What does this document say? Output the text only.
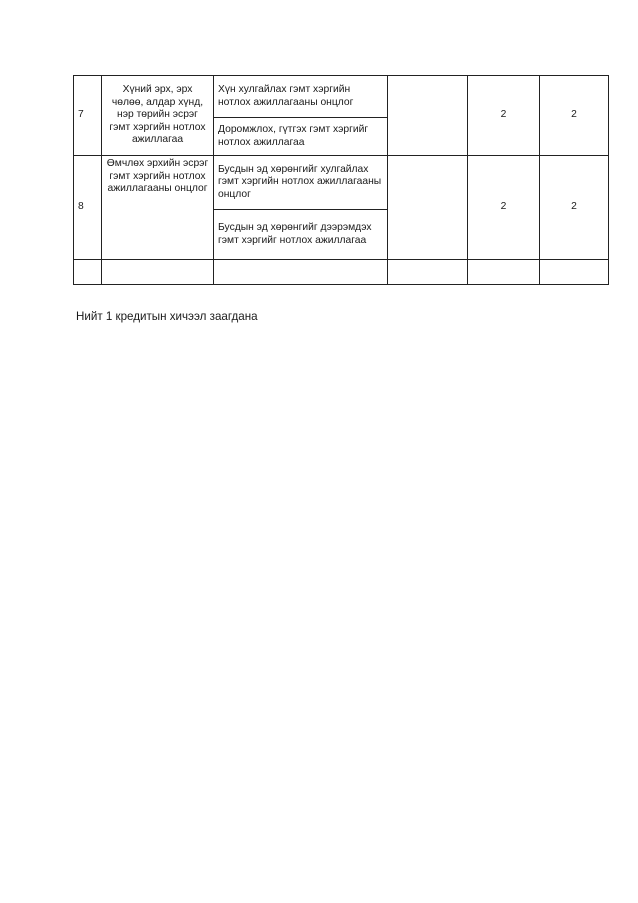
7	Хүний эрх, эрх чөлөө, алдар хүнд, нэр төрийн эсрэг гэмт хэргийн нотлох ажиллагаа	Хүн хулгайлах гэмт хэргийн нотлох ажиллагааны онцлог		2	2
		Доромжлох, гүтгэх гэмт хэргийг нотлох ажиллагаа			
8	Өмчлөх эрхийн эсрэг гэмт хэргийн нотлох ажиллагааны онцлог	Бусдын эд хөрөнгийг хулгайлах гэмт хэргийн нотлох ажиллагааны онцлог		2	2
		Бусдын эд хөрөнгийг дээрэмдэх гэмт хэргийг нотлох ажиллагаа			

Нийт 1 кредитын хичээл заагдана
